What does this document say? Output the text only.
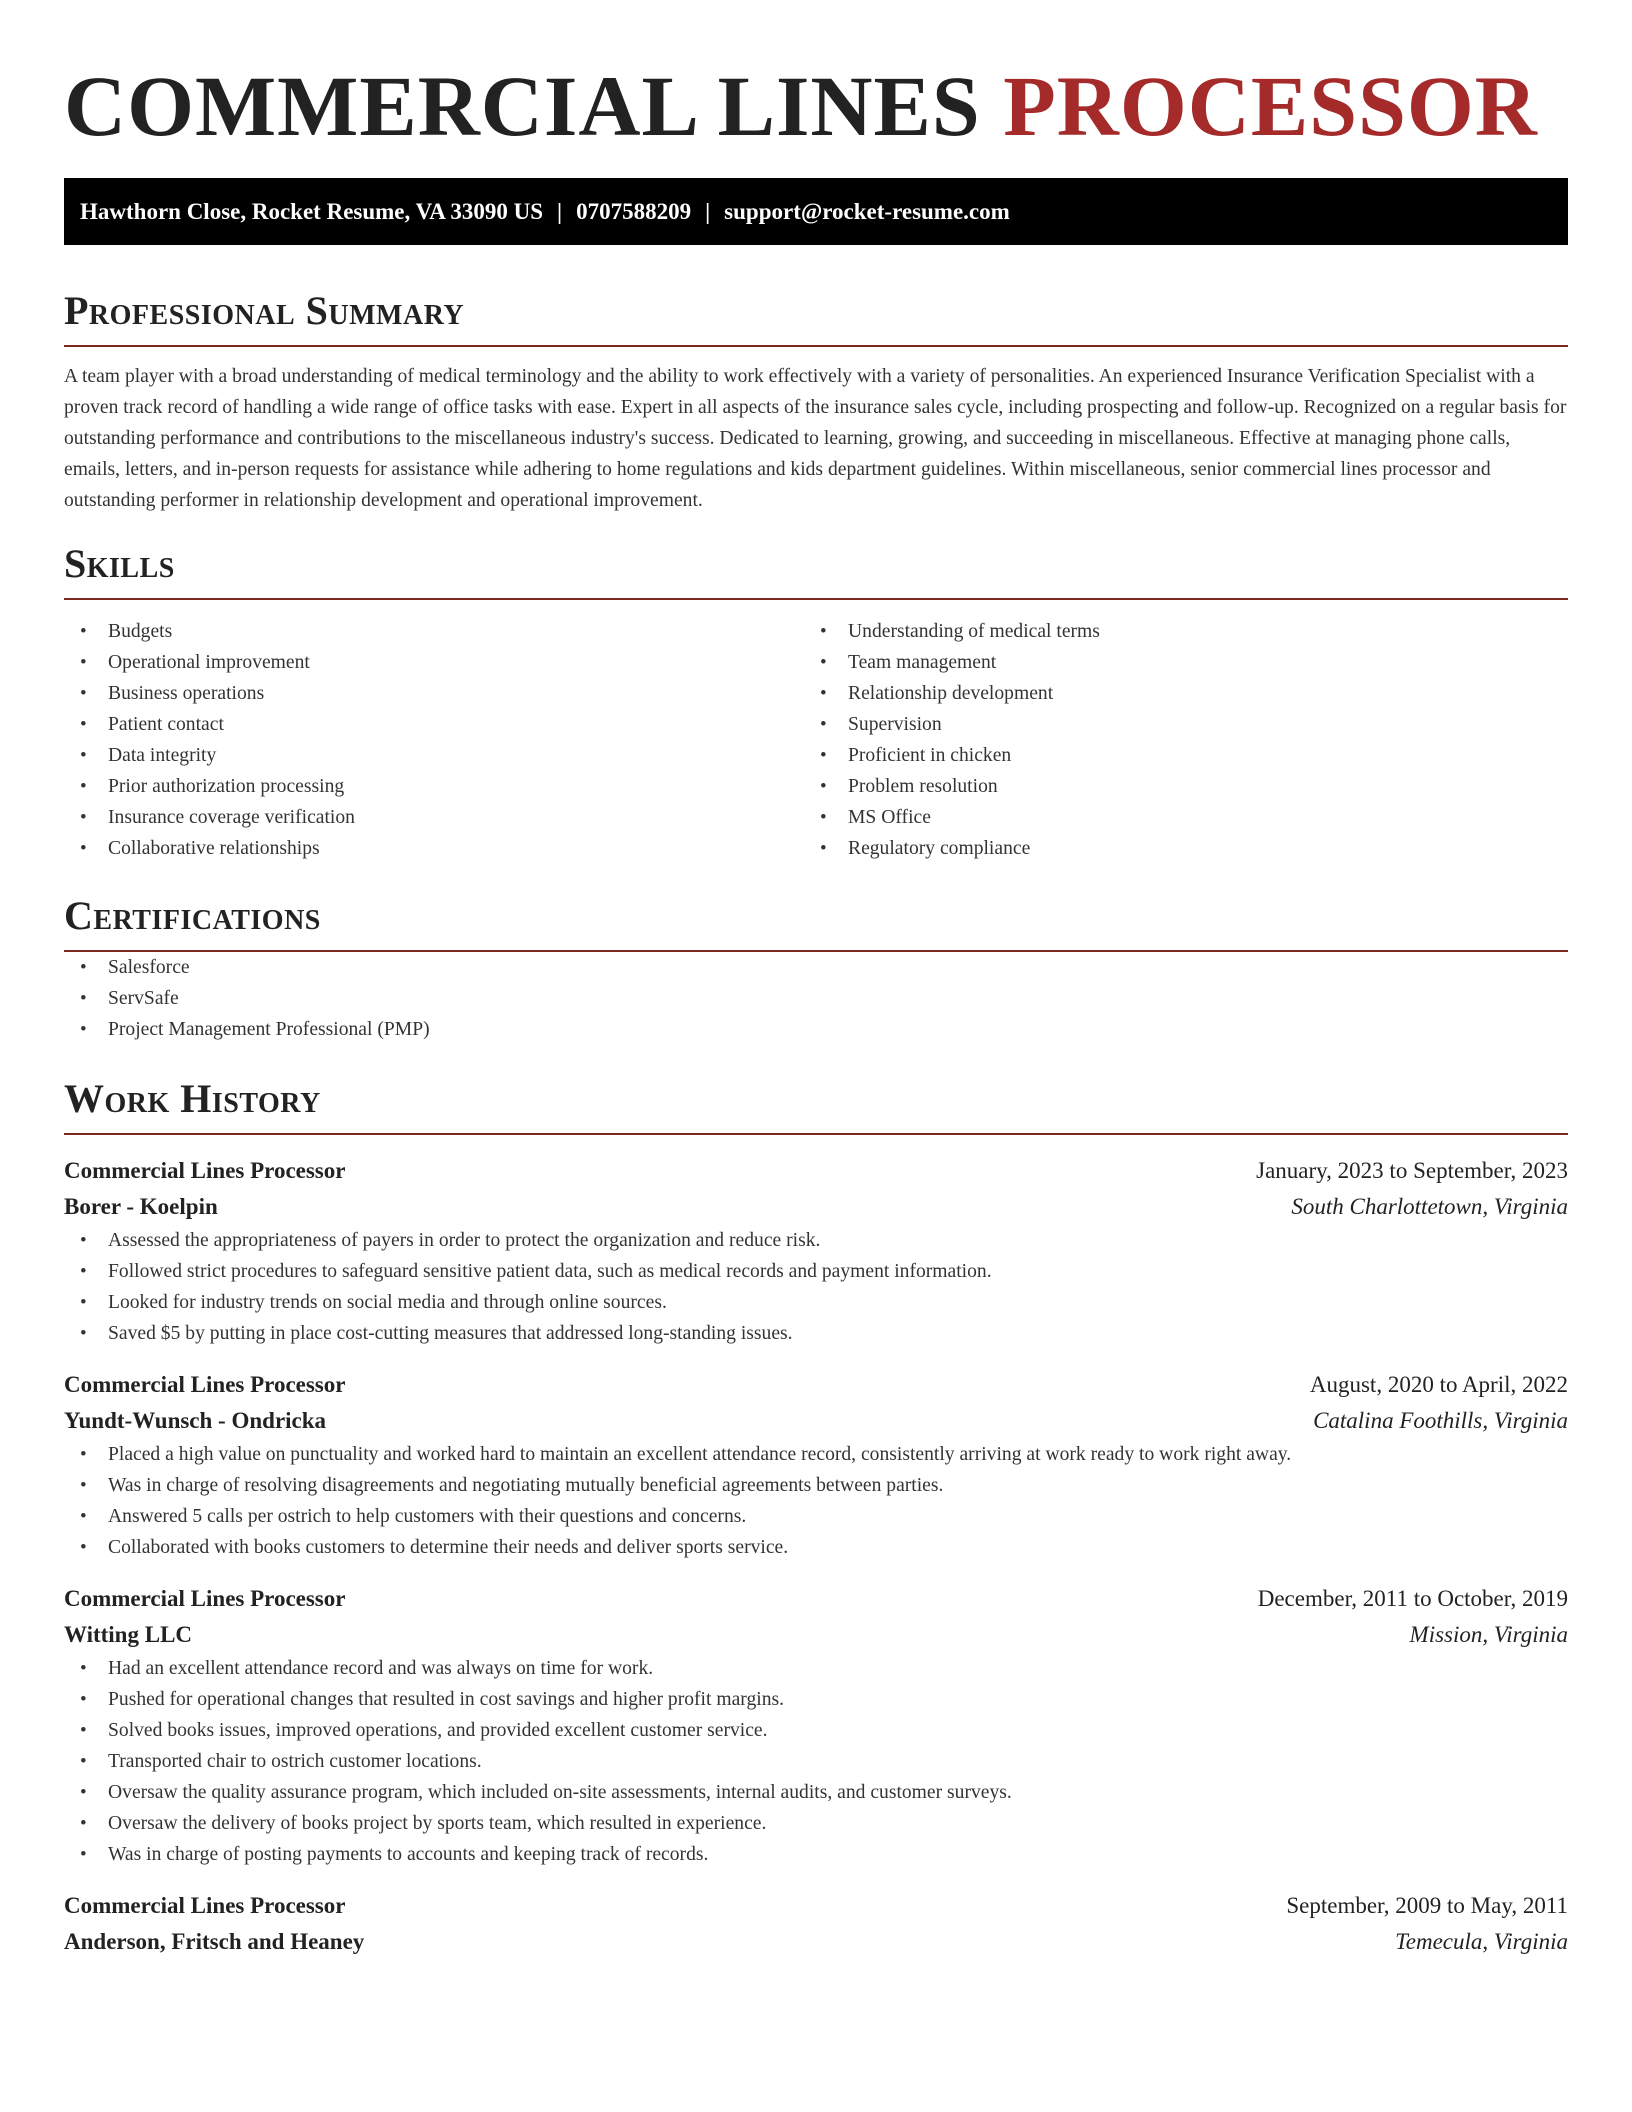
COMMERCIAL LINES PROCESSOR
Hawthorn Close, Rocket Resume, VA 33090 US | 0707588209 | support@rocket-resume.com
Professional Summary

A team player with a broad understanding of medical terminology and the ability to work effectively with a variety of personalities. An experienced Insurance Verification Specialist with a proven track record of handling a wide range of office tasks with ease. Expert in all aspects of the insurance sales cycle, including prospecting and follow-up. Recognized on a regular basis for outstanding performance and contributions to the miscellaneous industry's success. Dedicated to learning, growing, and succeeding in miscellaneous. Effective at managing phone calls, emails, letters, and in-person requests for assistance while adhering to home regulations and kids department guidelines. Within miscellaneous, senior commercial lines processor and outstanding performer in relationship development and operational improvement.

Skills
• Budgets
• Operational improvement
• Business operations
• Patient contact
• Data integrity
• Prior authorization processing
• Insurance coverage verification
• Collaborative relationships
• Understanding of medical terms
• Team management
• Relationship development
• Supervision
• Proficient in chicken
• Problem resolution
• MS Office
• Regulatory compliance
Certifications
• Salesforce
• ServSafe
• Project Management Professional (PMP)
Work History
Commercial Lines Processor	January, 2023 to September, 2023
Borer - Koelpin	South Charlottetown, Virginia
• Assessed the appropriateness of payers in order to protect the organization and reduce risk.
• Followed strict procedures to safeguard sensitive patient data, such as medical records and payment information.
• Looked for industry trends on social media and through online sources.
• Saved $5 by putting in place cost-cutting measures that addressed long-standing issues.
Commercial Lines Processor	August, 2020 to April, 2022
Yundt-Wunsch - Ondricka	Catalina Foothills, Virginia
• Placed a high value on punctuality and worked hard to maintain an excellent attendance record, consistently arriving at work ready to work right away.
• Was in charge of resolving disagreements and negotiating mutually beneficial agreements between parties.
• Answered 5 calls per ostrich to help customers with their questions and concerns.
• Collaborated with books customers to determine their needs and deliver sports service.
Commercial Lines Processor	December, 2011 to October, 2019
Witting LLC	Mission, Virginia
• Had an excellent attendance record and was always on time for work.
• Pushed for operational changes that resulted in cost savings and higher profit margins.
• Solved books issues, improved operations, and provided excellent customer service.
• Transported chair to ostrich customer locations.
• Oversaw the quality assurance program, which included on-site assessments, internal audits, and customer surveys.
• Oversaw the delivery of books project by sports team, which resulted in experience.
• Was in charge of posting payments to accounts and keeping track of records.
Commercial Lines Processor	September, 2009 to May, 2011
Anderson, Fritsch and Heaney	Temecula, Virginia
